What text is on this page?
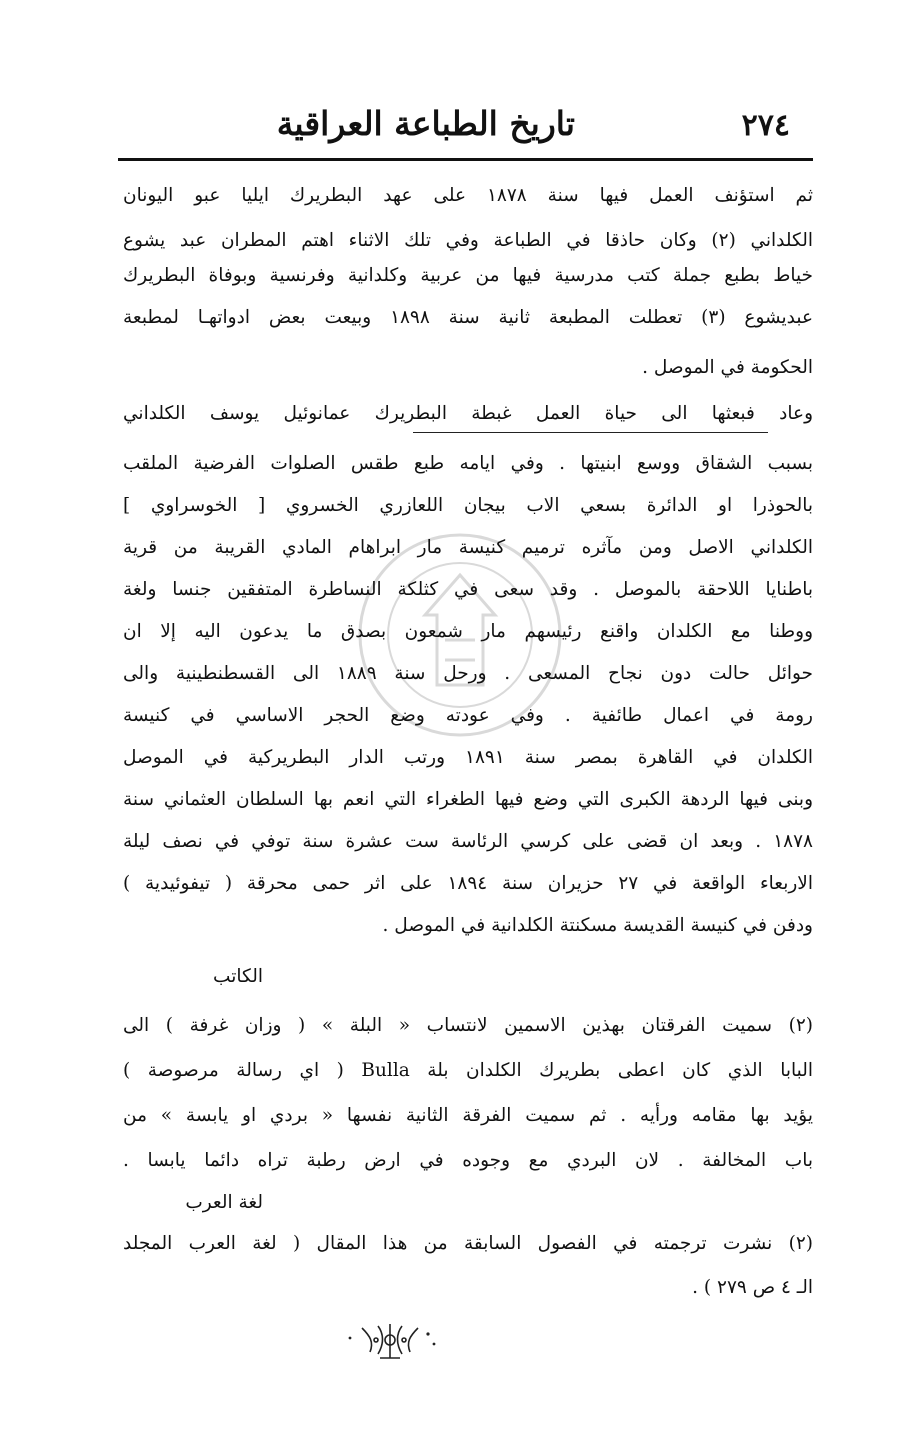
٢٧٤
تاريخ الطباعة العراقية
ثم استؤنف العمل فيها سنة ١٨٧٨ على عهد البطريرك ايليا عبو اليونان
الكلداني (٢) وكان حاذقا في الطباعة وفي تلك الاثناء اهتم المطران عبد يشوع
خياط بطبع جملة كتب مدرسية فيها من عربية وكلدانية وفرنسية وبوفاة البطريرك
عبديشوع (٣) تعطلت المطبعة ثانية سنة ١٨٩٨ وبيعت بعض ادواتهـا لمطبعة
الحكومة في الموصل .
وعاد فبعثها الى حياة العمل غبطة البطريرك عمانوئيل يوسف الكلداني
بسبب الشقاق ووسع ابنيتها . وفي ايامه طبع طقس الصلوات الفرضية الملقب
بالحوذرا او الدائرة بسعي الاب بيجان اللعازري الخسروي [ الخوسراوي ]
الكلداني الاصل ومن مآثره ترميم كنيسة مار ابراهام المادي القريبة من قرية
باطنايا اللاحقة بالموصل . وقد سعى في كثلكة النساطرة المتفقين جنسا ولغة
ووطنا مع الكلدان واقنع رئيسهم مار شمعون بصدق ما يدعون اليه إلا ان
حوائل حالت دون نجاح المسعى . ورحل سنة ١٨٨٩ الى القسطنطينية والى
رومة في اعمال طائفية . وفي عودته وضع الحجر الاساسي في كنيسة
الكلدان في القاهرة بمصر سنة ١٨٩١ ورتب الدار البطريركية في الموصل
وبنى فيها الردهة الكبرى التي وضع فيها الطغراء التي انعم بها السلطان العثماني سنة
١٨٧٨ . وبعد ان قضى على كرسي الرئاسة ست عشرة سنة توفي في نصف ليلة
الاربعاء الواقعة في ٢٧ حزيران سنة ١٨٩٤ على اثر حمى محرقة ( تيفوئيدية )
ودفن في كنيسة القديسة مسكنتة الكلدانية في الموصل .
الكاتب
(٢) سميت الفرقتان بهذين الاسمين لانتساب « البلة » ( وزان غرفة ) الى
البابا الذي كان اعطى بطريرك الكلدان بلة Bulla ( اي رسالة مرصوصة )
يؤيد بها مقامه ورأيه . ثم سميت الفرقة الثانية نفسها « بردي او يابسة » من
باب المخالفة . لان البردي مع وجوده في ارض رطبة تراه دائما يابسا .
لغة العرب
(٢) نشرت ترجمته في الفصول السابقة من هذا المقال ( لغة العرب المجلد
الـ ٤ ص ٢٧٩ ) .
